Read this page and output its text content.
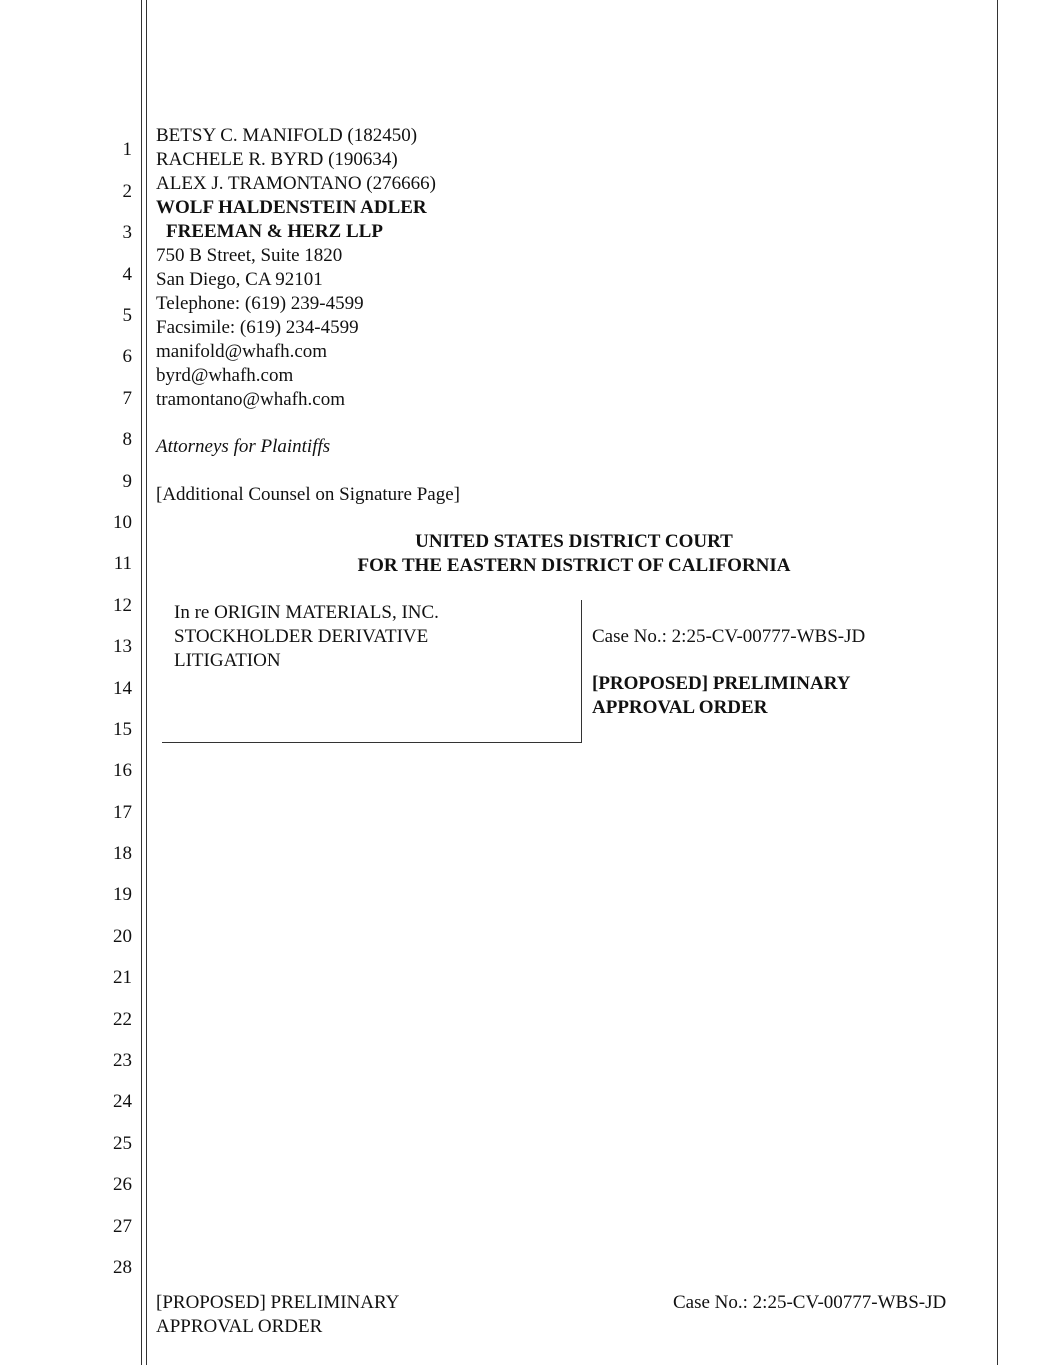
1
2
3
4
5
6
7
8
9
10
11
12
13
14
15
16
17
18
19
20
21
22
23
24
25
26
27
28
BETSY C. MANIFOLD (182450)
RACHELE R. BYRD (190634)
ALEX J. TRAMONTANO (276666)
WOLF HALDENSTEIN ADLER
FREEMAN & HERZ LLP
750 B Street, Suite 1820
San Diego, CA 92101
Telephone: (619) 239-4599
Facsimile: (619) 234-4599
manifold@whafh.com
byrd@whafh.com
tramontano@whafh.com
Attorneys for Plaintiffs
[Additional Counsel on Signature Page]
UNITED STATES DISTRICT COURT
FOR THE EASTERN DISTRICT OF CALIFORNIA
In re ORIGIN MATERIALS, INC.
STOCKHOLDER DERIVATIVE
LITIGATION
Case No.: 2:25-CV-00777-WBS-JD
[PROPOSED] PRELIMINARY
APPROVAL ORDER
[PROPOSED] PRELIMINARY
APPROVAL ORDER
Case No.: 2:25-CV-00777-WBS-JD
